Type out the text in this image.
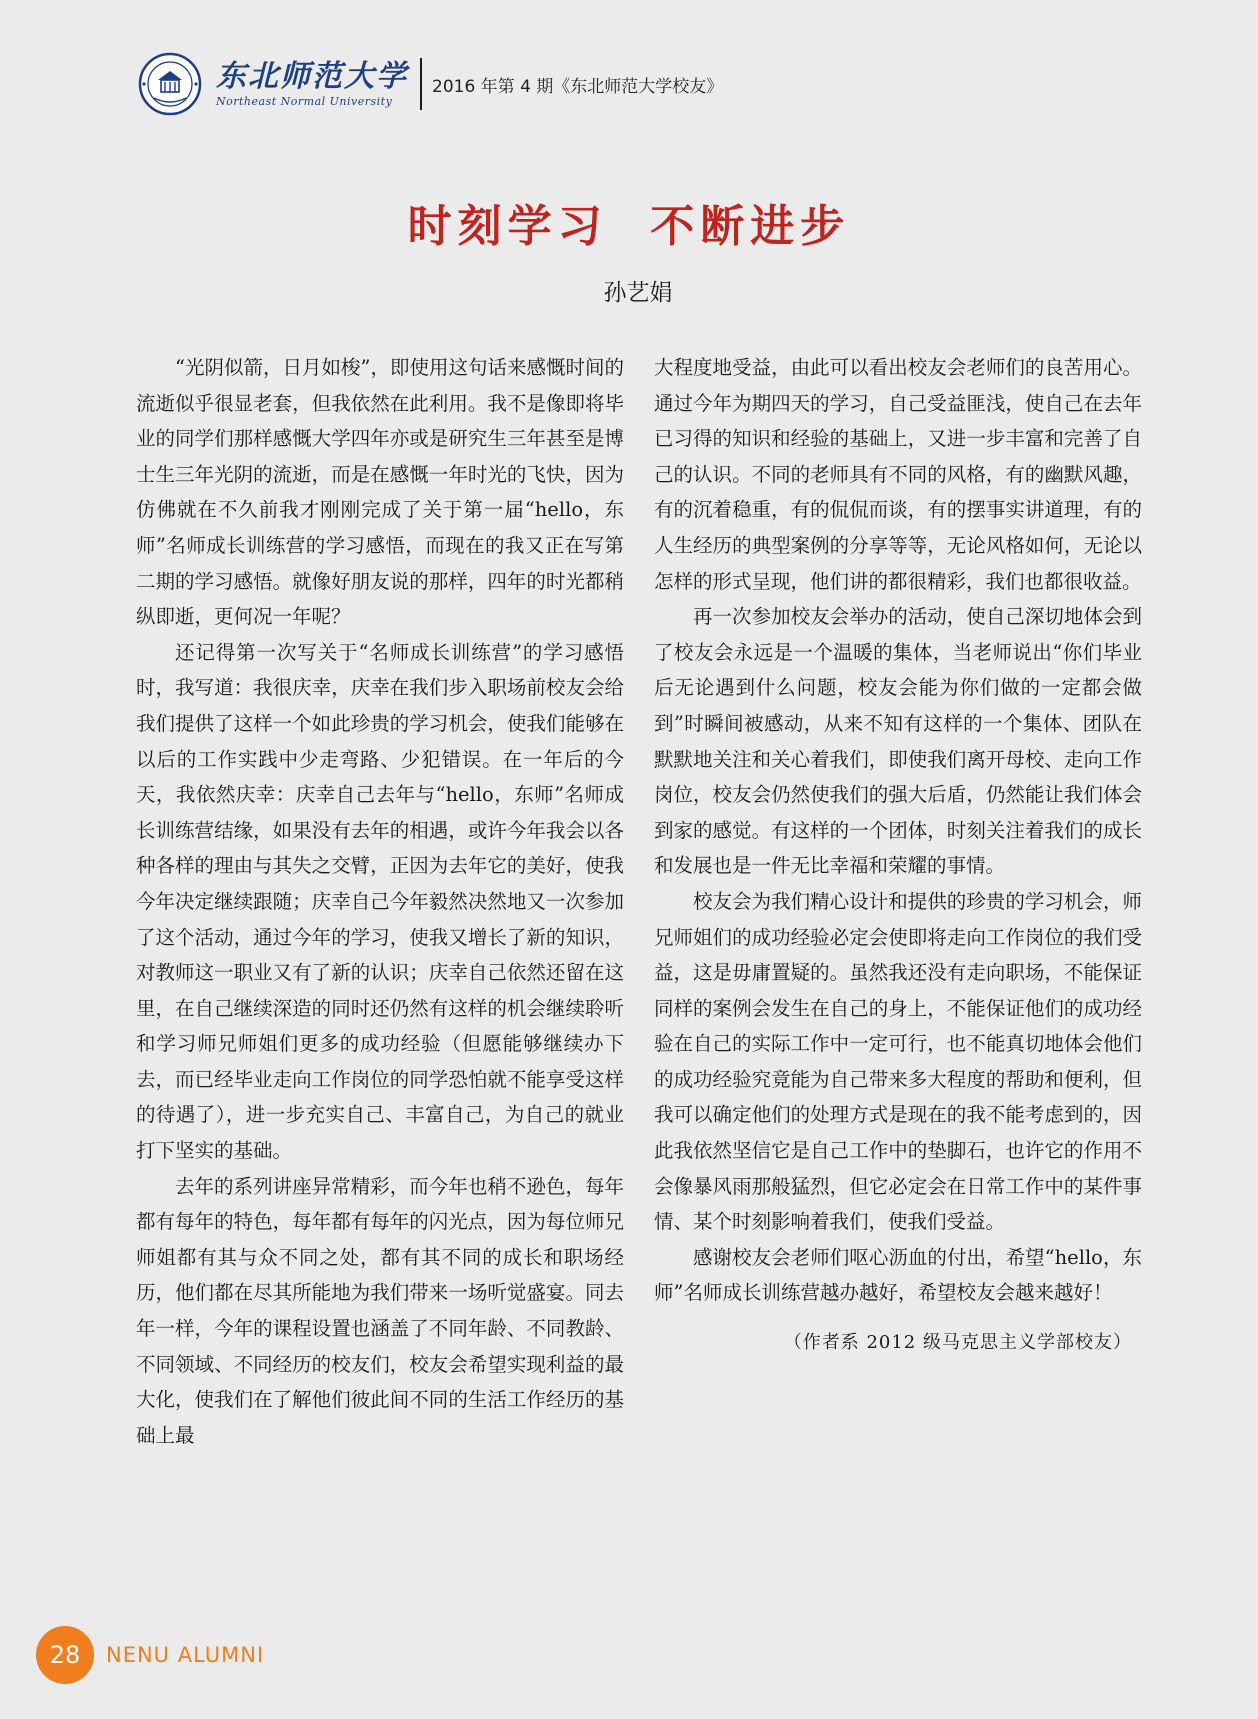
东北师范大学
Northeast Normal University
2016 年第 4 期《东北师范大学校友》
时刻学习  不断进步
孙艺娟

“光阴似箭，日月如梭”，即使用这句话来感慨时间的流逝似乎很显老套，但我依然在此利用。我不是像即将毕业的同学们那样感慨大学四年亦或是研究生三年甚至是博士生三年光阴的流逝，而是在感慨一年时光的飞快，因为仿佛就在不久前我才刚刚完成了关于第一届“hello，东师”名师成长训练营的学习感悟，而现在的我又正在写第二期的学习感悟。就像好朋友说的那样，四年的时光都稍纵即逝，更何况一年呢？

还记得第一次写关于“名师成长训练营”的学习感悟时，我写道：我很庆幸，庆幸在我们步入职场前校友会给我们提供了这样一个如此珍贵的学习机会，使我们能够在以后的工作实践中少走弯路、少犯错误。在一年后的今天，我依然庆幸：庆幸自己去年与“hello，东师”名师成长训练营结缘，如果没有去年的相遇，或许今年我会以各种各样的理由与其失之交臂，正因为去年它的美好，使我今年决定继续跟随；庆幸自己今年毅然决然地又一次参加了这个活动，通过今年的学习，使我又增长了新的知识，对教师这一职业又有了新的认识；庆幸自己依然还留在这里，在自己继续深造的同时还仍然有这样的机会继续聆听和学习师兄师姐们更多的成功经验（但愿能够继续办下去，而已经毕业走向工作岗位的同学恐怕就不能享受这样的待遇了），进一步充实自己、丰富自己，为自己的就业打下坚实的基础。

去年的系列讲座异常精彩，而今年也稍不逊色，每年都有每年的特色，每年都有每年的闪光点，因为每位师兄师姐都有其与众不同之处，都有其不同的成长和职场经历，他们都在尽其所能地为我们带来一场听觉盛宴。同去年一样，今年的课程设置也涵盖了不同年龄、不同教龄、不同领域、不同经历的校友们，校友会希望实现利益的最大化，使我们在了解他们彼此间不同的生活工作经历的基础上最

大程度地受益，由此可以看出校友会老师们的良苦用心。通过今年为期四天的学习，自己受益匪浅，使自己在去年已习得的知识和经验的基础上，又进一步丰富和完善了自己的认识。不同的老师具有不同的风格，有的幽默风趣，有的沉着稳重，有的侃侃而谈，有的摆事实讲道理，有的人生经历的典型案例的分享等等，无论风格如何，无论以怎样的形式呈现，他们讲的都很精彩，我们也都很收益。

再一次参加校友会举办的活动，使自己深切地体会到了校友会永远是一个温暖的集体，当老师说出“你们毕业后无论遇到什么问题，校友会能为你们做的一定都会做到”时瞬间被感动，从来不知有这样的一个集体、团队在默默地关注和关心着我们，即使我们离开母校、走向工作岗位，校友会仍然使我们的强大后盾，仍然能让我们体会到家的感觉。有这样的一个团体，时刻关注着我们的成长和发展也是一件无比幸福和荣耀的事情。

校友会为我们精心设计和提供的珍贵的学习机会，师兄师姐们的成功经验必定会使即将走向工作岗位的我们受益，这是毋庸置疑的。虽然我还没有走向职场，不能保证同样的案例会发生在自己的身上，不能保证他们的成功经验在自己的实际工作中一定可行，也不能真切地体会他们的成功经验究竟能为自己带来多大程度的帮助和便利，但我可以确定他们的处理方式是现在的我不能考虑到的，因此我依然坚信它是自己工作中的垫脚石，也许它的作用不会像暴风雨那般猛烈，但它必定会在日常工作中的某件事情、某个时刻影响着我们，使我们受益。

感谢校友会老师们呕心沥血的付出，希望“hello，东师”名师成长训练营越办越好，希望校友会越来越好！

（作者系 2012 级马克思主义学部校友）
28	NENU ALUMNI
